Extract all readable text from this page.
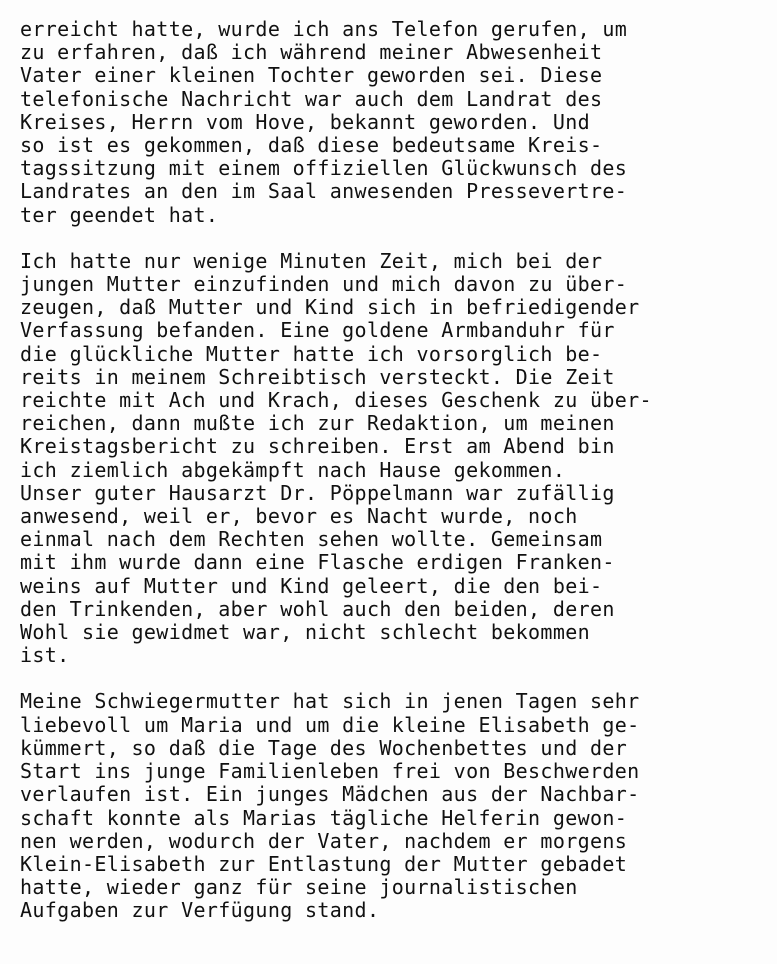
erreicht hatte, wurde ich ans Telefon gerufen, um
zu erfahren, daß ich während meiner Abwesenheit
Vater einer kleinen Tochter geworden sei. Diese
telefonische Nachricht war auch dem Landrat des
Kreises, Herrn vom Hove, bekannt geworden. Und
so ist es gekommen, daß diese bedeutsame Kreis-
tagssitzung mit einem offiziellen Glückwunsch des
Landrates an den im Saal anwesenden Pressevertre-
ter geendet hat.
Ich hatte nur wenige Minuten Zeit, mich bei der
jungen Mutter einzufinden und mich davon zu über-
zeugen, daß Mutter und Kind sich in befriedigender
Verfassung befanden. Eine goldene Armbanduhr für
die glückliche Mutter hatte ich vorsorglich be-
reits in meinem Schreibtisch versteckt. Die Zeit
reichte mit Ach und Krach, dieses Geschenk zu über-
reichen, dann mußte ich zur Redaktion, um meinen
Kreistagsbericht zu schreiben. Erst am Abend bin
ich ziemlich abgekämpft nach Hause gekommen.
Unser guter Hausarzt Dr. Pöppelmann war zufällig
anwesend, weil er, bevor es Nacht wurde, noch
einmal nach dem Rechten sehen wollte. Gemeinsam
mit ihm wurde dann eine Flasche erdigen Franken-
weins auf Mutter und Kind geleert, die den bei-
den Trinkenden, aber wohl auch den beiden, deren
Wohl sie gewidmet war, nicht schlecht bekommen
ist.
Meine Schwiegermutter hat sich in jenen Tagen sehr
liebevoll um Maria und um die kleine Elisabeth ge-
kümmert, so daß die Tage des Wochenbettes und der
Start ins junge Familienleben frei von Beschwerden
verlaufen ist. Ein junges Mädchen aus der Nachbar-
schaft konnte als Marias tägliche Helferin gewon-
nen werden, wodurch der Vater, nachdem er morgens
Klein-Elisabeth zur Entlastung der Mutter gebadet
hatte, wieder ganz für seine journalistischen
Aufgaben zur Verfügung stand.
